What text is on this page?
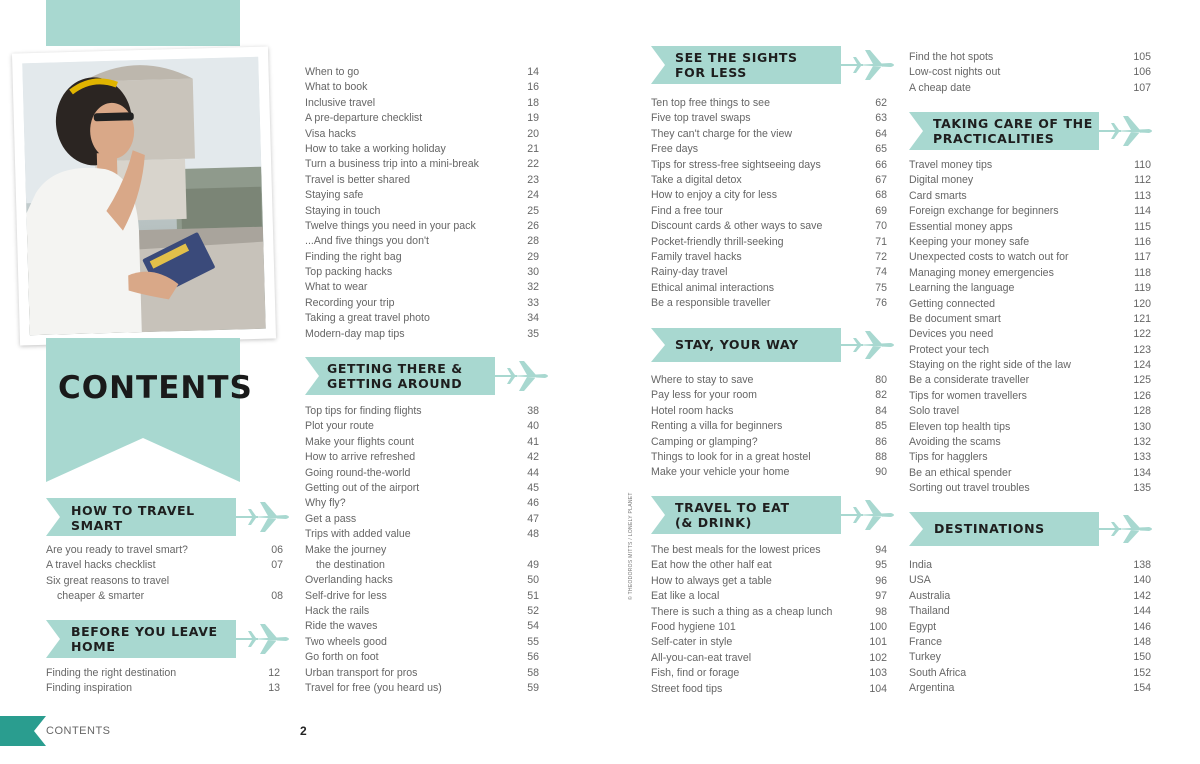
CONTENTS
HOW TO TRAVEL
SMART
Are you ready to travel smart?	06
A travel hacks checklist	07
Six great reasons to travel
cheaper & smarter	08
BEFORE YOU LEAVE
HOME
Finding the right destination	12
Finding inspiration	13
When to go	14
What to book	16
Inclusive travel	18
A pre-departure checklist	19
Visa hacks	20
How to take a working holiday	21
Turn a business trip into a mini-break	22
Travel is better shared	23
Staying safe	24
Staying in touch	25
Twelve things you need in your pack	26
...And five things you don't	28
Finding the right bag	29
Top packing hacks	30
What to wear	32
Recording your trip	33
Taking a great travel photo	34
Modern-day map tips	35
GETTING THERE &
GETTING AROUND
Top tips for finding flights	38
Plot your route	40
Make your flights count	41
How to arrive refreshed	42
Going round-the-world	44
Getting out of the airport	45
Why fly?	46
Get a pass	47
Trips with added value	48
Make the journey
the destination	49
Overlanding hacks	50
Self-drive for less	51
Hack the rails	52
Ride the waves	54
Two wheels good	55
Go forth on foot	56
Urban transport for pros	58
Travel for free (you heard us)	59
SEE THE SIGHTS
FOR LESS
Ten top free things to see	62
Five top travel swaps	63
They can't charge for the view	64
Free days	65
Tips for stress-free sightseeing days	66
Take a digital detox	67
How to enjoy a city for less	68
Find a free tour	69
Discount cards & other ways to save	70
Pocket-friendly thrill-seeking	71
Family travel hacks	72
Rainy-day travel	74
Ethical animal interactions	75
Be a responsible traveller	76
STAY, YOUR WAY
Where to stay to save	80
Pay less for your room	82
Hotel room hacks	84
Renting a villa for beginners	85
Camping or glamping?	86
Things to look for in a great hostel	88
Make your vehicle your home	90
TRAVEL TO EAT
(& DRINK)
The best meals for the lowest prices	94
Eat how the other half eat	95
How to always get a table	96
Eat like a local	97
There is such a thing as a cheap lunch	98
Food hygiene 101	100
Self-cater in style	101
All-you-can-eat travel	102
Fish, find or forage	103
Street food tips	104
Find the hot spots	105
Low-cost nights out	106
A cheap date	107
TAKING CARE OF THE
PRACTICALITIES
Travel money tips	110
Digital money	112
Card smarts	113
Foreign exchange for beginners	114
Essential money apps	115
Keeping your money safe	116
Unexpected costs to watch out for	117
Managing money emergencies	118
Learning the language	119
Getting connected	120
Be document smart	121
Devices you need	122
Protect your tech	123
Staying on the right side of the law	124
Be a considerate traveller	125
Tips for women travellers	126
Solo travel	128
Eleven top health tips	130
Avoiding the scams	132
Tips for hagglers	133
Be an ethical spender	134
Sorting out travel troubles	135
DESTINATIONS
India	138
USA	140
Australia	142
Thailand	144
Egypt	146
France	148
Turkey	150
South Africa	152
Argentina	154
© THEODOROS MITTS / LONELY PLANET
CONTENTS	2
